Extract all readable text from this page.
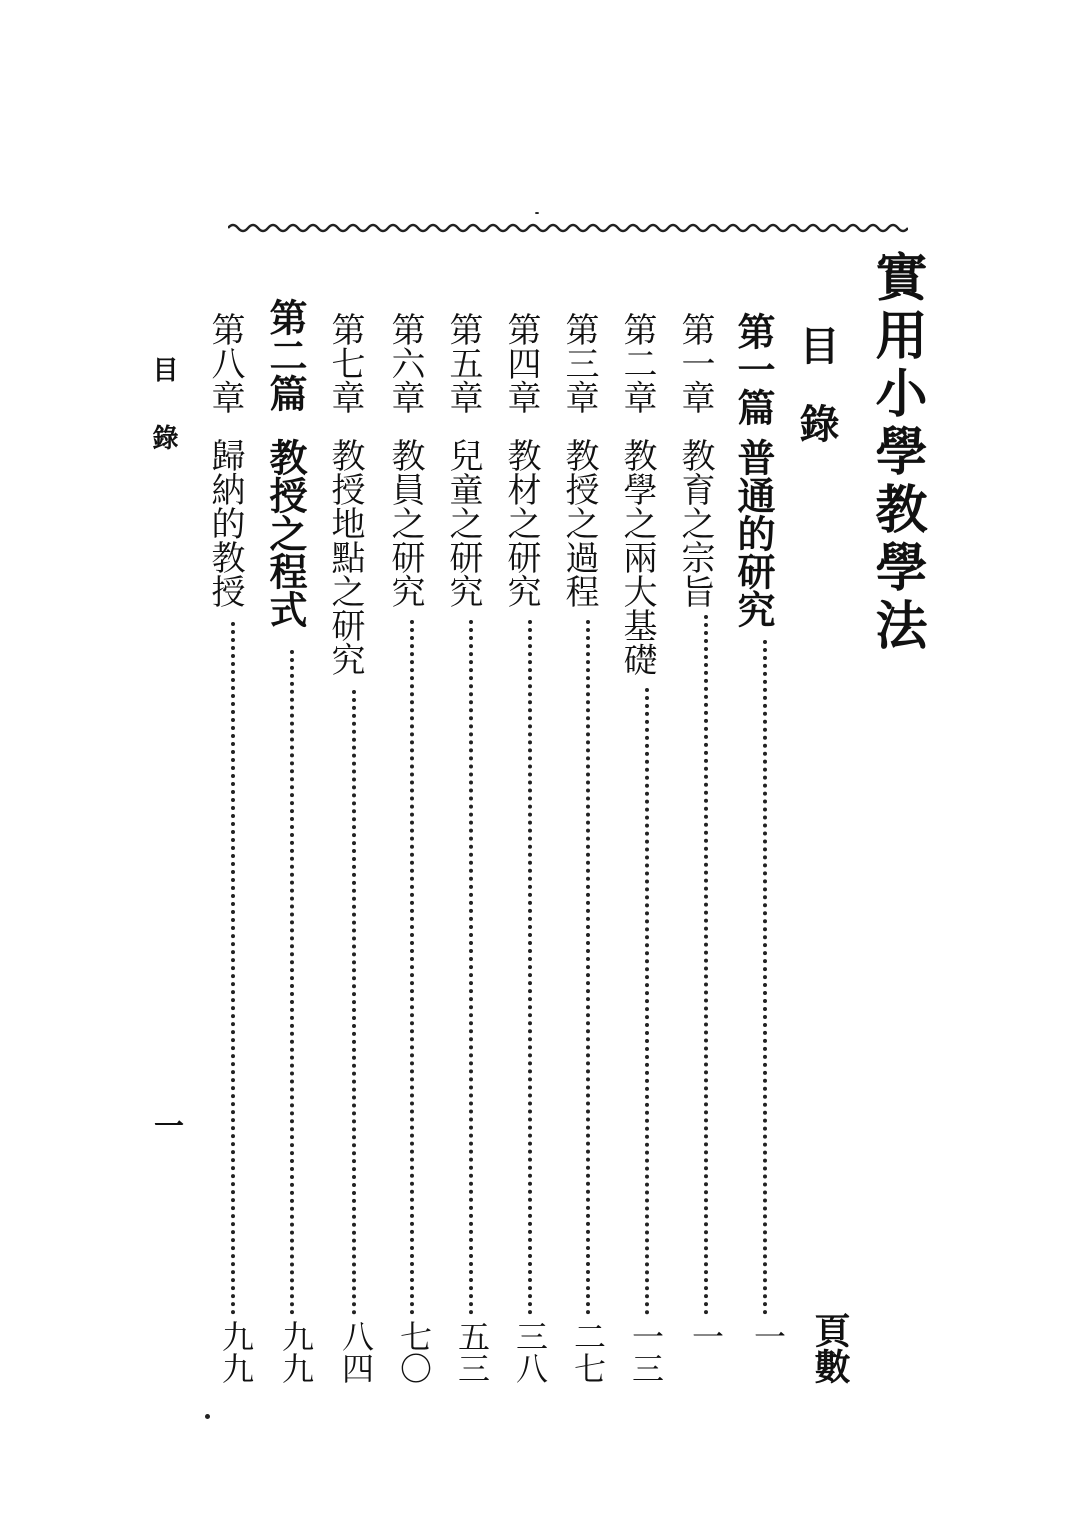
實用小學教學法
目錄
頁數
第一篇
普通的研究
一
第一章
教育之宗旨
一
第二章
教學之兩大基礎
一三
第三章
教授之過程
二七
第四章
教材之研究
三八
第五章
兒童之研究
五三
第六章
教員之研究
七〇
第七章
教授地點之研究
八四
第二篇
教授之程式
九九
第八章
歸納的教授
九九
目錄
一
